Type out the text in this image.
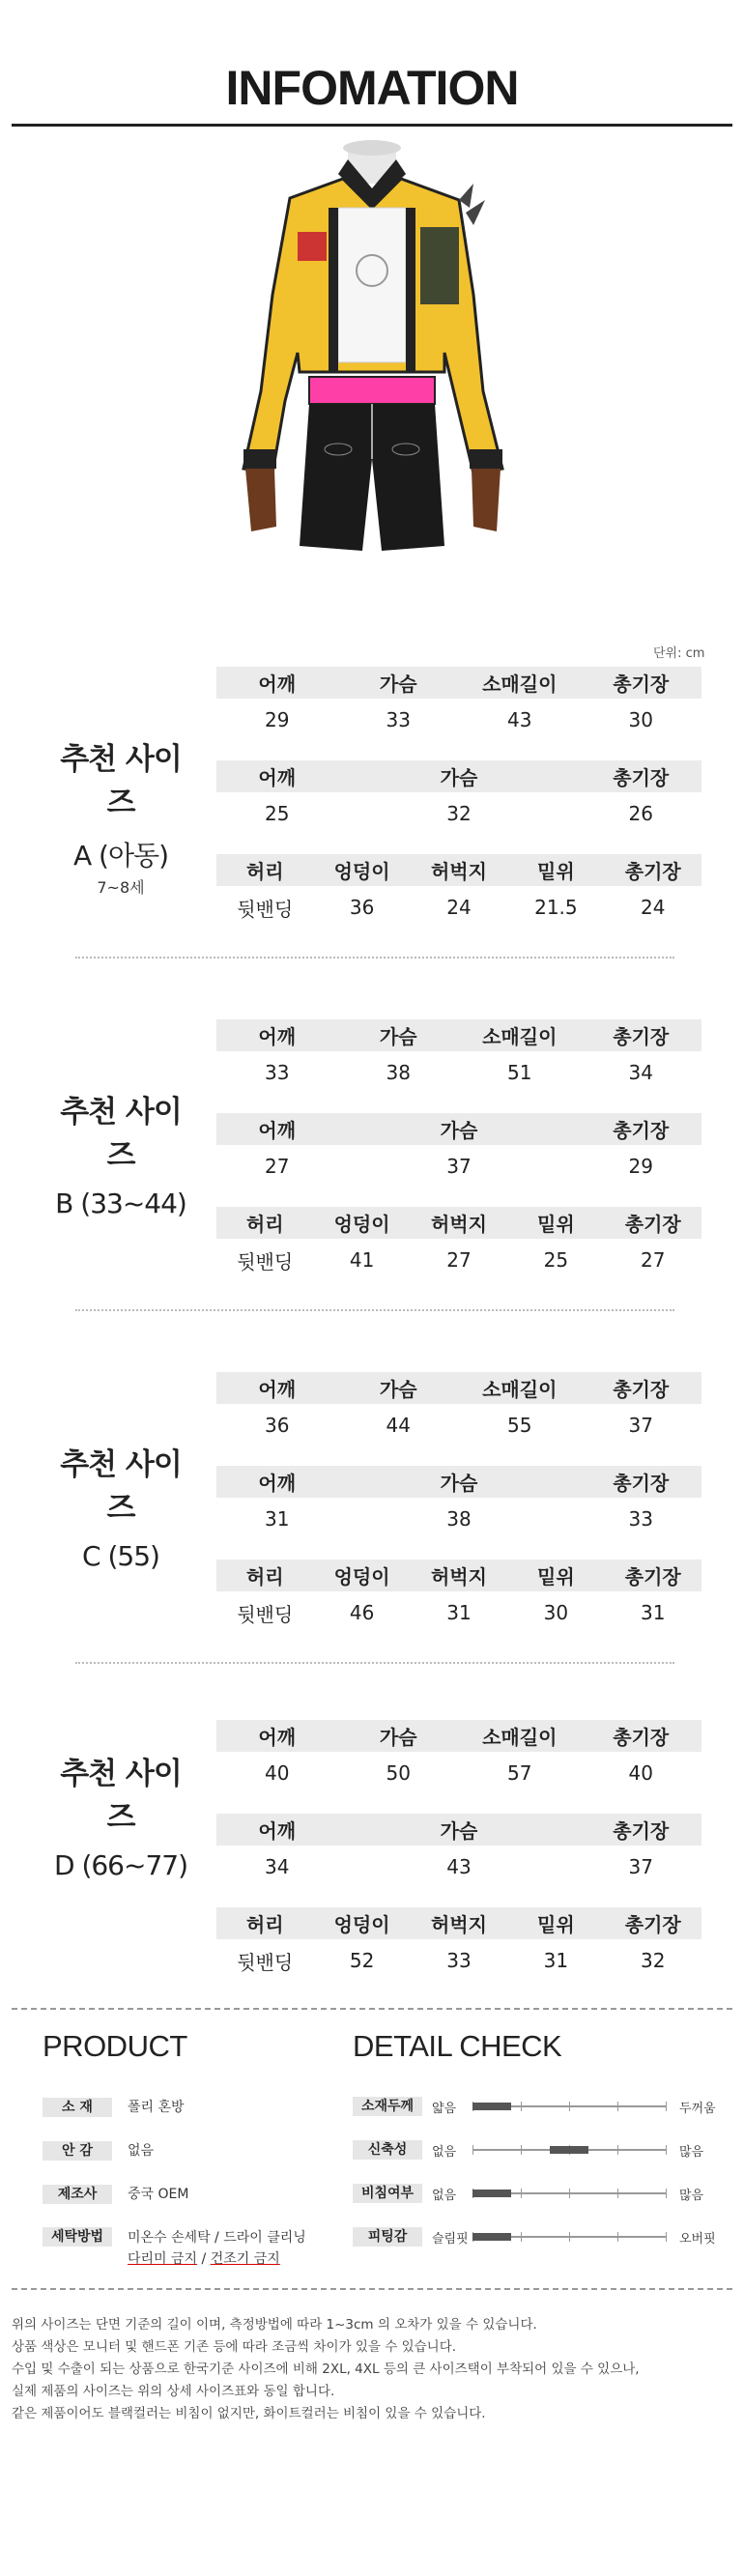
INFOMATION
단위: cm
추천 사이즈
A (아동)
7~8세
어깨	가슴	소매길이	총기장
29	33	43	30
어깨	가슴	총기장
25	32	26
허리	엉덩이	허벅지	밑위	총기장
뒷밴딩	36	24	21.5	24
추천 사이즈
B (33~44)
어깨	가슴	소매길이	총기장
33	38	51	34
어깨	가슴	총기장
27	37	29
허리	엉덩이	허벅지	밑위	총기장
뒷밴딩	41	27	25	27
추천 사이즈
C (55)
어깨	가슴	소매길이	총기장
36	44	55	37
어깨	가슴	총기장
31	38	33
허리	엉덩이	허벅지	밑위	총기장
뒷밴딩	46	31	30	31
추천 사이즈
D (66~77)
어깨	가슴	소매길이	총기장
40	50	57	40
어깨	가슴	총기장
34	43	37
허리	엉덩이	허벅지	밑위	총기장
뒷밴딩	52	33	31	32
PRODUCT
소 재	폴리 혼방
안 감	없음
제조사	중국 OEM
세탁방법	미온수 손세탁 / 드라이 클리닝
다리미 금지 / 건조기 금지
DETAIL CHECK
소재두께	얇음	두꺼움
신축성	없음	많음
비침여부	없음	많음
피팅감	슬림핏	오버핏
위의 사이즈는 단면 기준의 길이 이며, 측정방법에 따라 1~3cm 의 오차가 있을 수 있습니다.
상품 색상은 모니터 및 핸드폰 기존 등에 따라 조금씩 차이가 있을 수 있습니다.
수입 및 수출이 되는 상품으로 한국기준 사이즈에 비해 2XL, 4XL 등의 큰 사이즈택이 부착되어 있을 수 있으나,
실제 제품의 사이즈는 위의 상세 사이즈표와 동일 합니다.
같은 제품이어도 블랙컬러는 비침이 없지만, 화이트컬러는 비침이 있을 수 있습니다.
